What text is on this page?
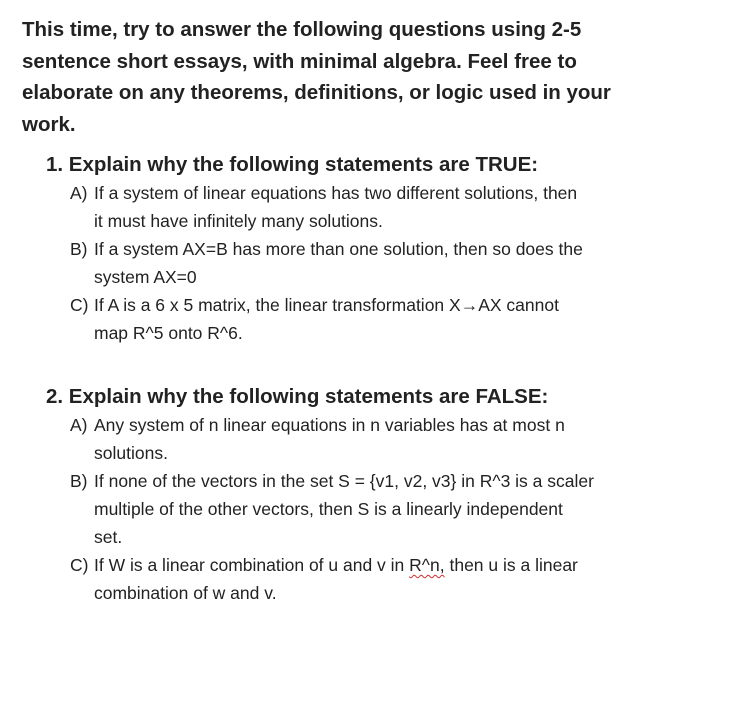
This time, try to answer the following questions using 2-5
sentence short essays, with minimal algebra. Feel free to
elaborate on any theorems, definitions, or logic used in your
work.
1. Explain why the following statements are TRUE:
A) If a system of linear equations has two different solutions, then
it must have infinitely many solutions.
B) If a system AX=B has more than one solution, then so does the
system AX=0
C) If A is a 6 x 5 matrix, the linear transformation X→AX cannot
map R^5 onto R^6.
2. Explain why the following statements are FALSE:
A) Any system of n linear equations in n variables has at most n
solutions.
B) If none of the vectors in the set S = {v1, v2, v3} in R^3 is a scaler
multiple of the other vectors, then S is a linearly independent
set.
C) If W is a linear combination of u and v in R^n, then u is a linear
combination of w and v.
